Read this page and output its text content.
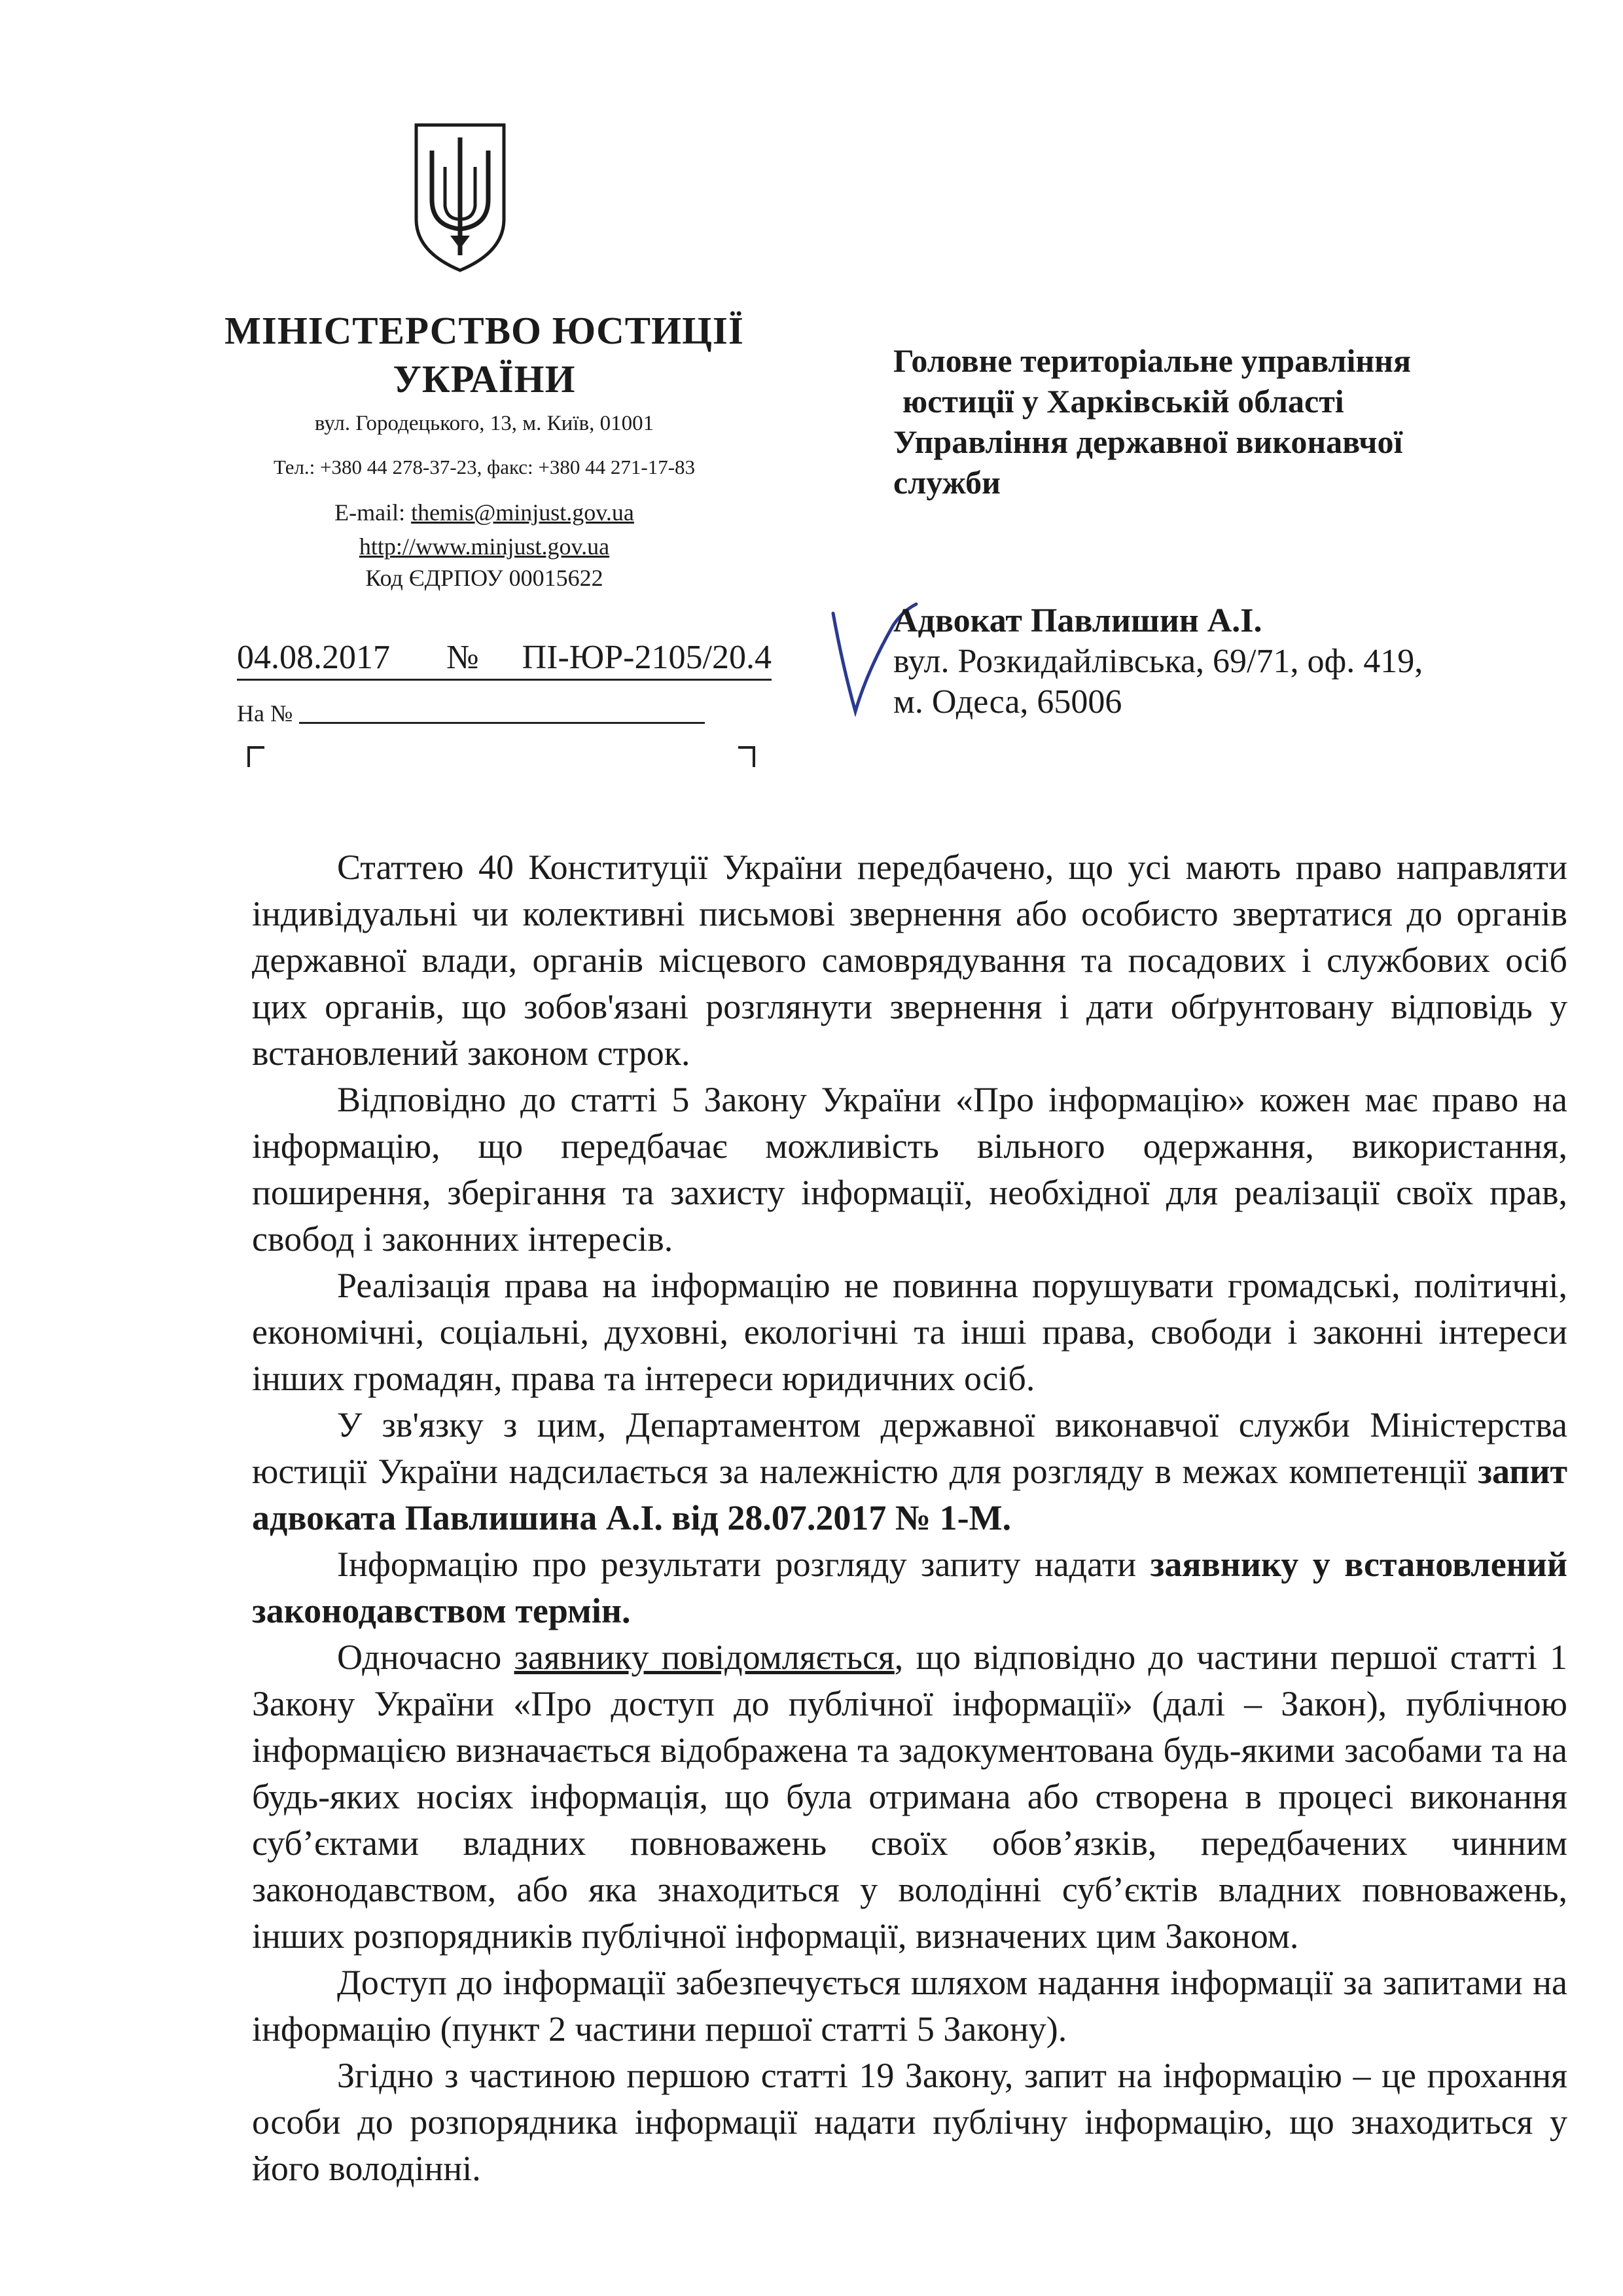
МІНІСТЕРСТВО ЮСТИЦІЇ
УКРАЇНИ
вул. Городецького, 13, м. Київ, 01001
Тел.: +380 44 278-37-23, факс: +380 44 271-17-83
E-mail: themis@minjust.gov.ua
http://www.minjust.gov.ua
Код ЄДРПОУ 00015622
04.08.2017 № ПІ-ЮР-2105/20.4
На №
Головне територіальне управління
юстиції у Харківській області
Управління державної виконавчої
служби
Адвокат Павлишин А.І.
вул. Розкидайлівська, 69/71, оф. 419,
м. Одеса, 65006

Статтею 40 Конституції України передбачено, що усі мають право направляти індивідуальні чи колективні письмові звернення або особисто звертатися до органів державної влади, органів місцевого самоврядування та посадових і службових осіб цих органів, що зобов'язані розглянути звернення і дати обґрунтовану відповідь у встановлений законом строк.

Відповідно до статті 5 Закону України «Про інформацію» кожен має право на інформацію, що передбачає можливість вільного одержання, використання, поширення, зберігання та захисту інформації, необхідної для реалізації своїх прав, свобод і законних інтересів.

Реалізація права на інформацію не повинна порушувати громадські, політичні, економічні, соціальні, духовні, екологічні та інші права, свободи і законні інтереси інших громадян, права та інтереси юридичних осіб.

У зв'язку з цим, Департаментом державної виконавчої служби Міністерства юстиції України надсилається за належністю для розгляду в межах компетенції запит адвоката Павлишина А.І. від 28.07.2017 № 1-М.

Інформацію про результати розгляду запиту надати заявнику у встановлений законодавством термін.

Одночасно заявнику повідомляється, що відповідно до частини першої статті 1 Закону України «Про доступ до публічної інформації» (далі – Закон), публічною інформацією визначається відображена та задокументована будь-якими засобами та на будь-яких носіях інформація, що була отримана або створена в процесі виконання суб’єктами владних повноважень своїх обов’язків, передбачених чинним законодавством, або яка знаходиться у володінні суб’єктів владних повноважень, інших розпорядників публічної інформації, визначених цим Законом.

Доступ до інформації забезпечується шляхом надання інформації за запитами на інформацію (пункт 2 частини першої статті 5 Закону).

Згідно з частиною першою статті 19 Закону, запит на інформацію – це прохання особи до розпорядника інформації надати публічну інформацію, що знаходиться у його володінні.
